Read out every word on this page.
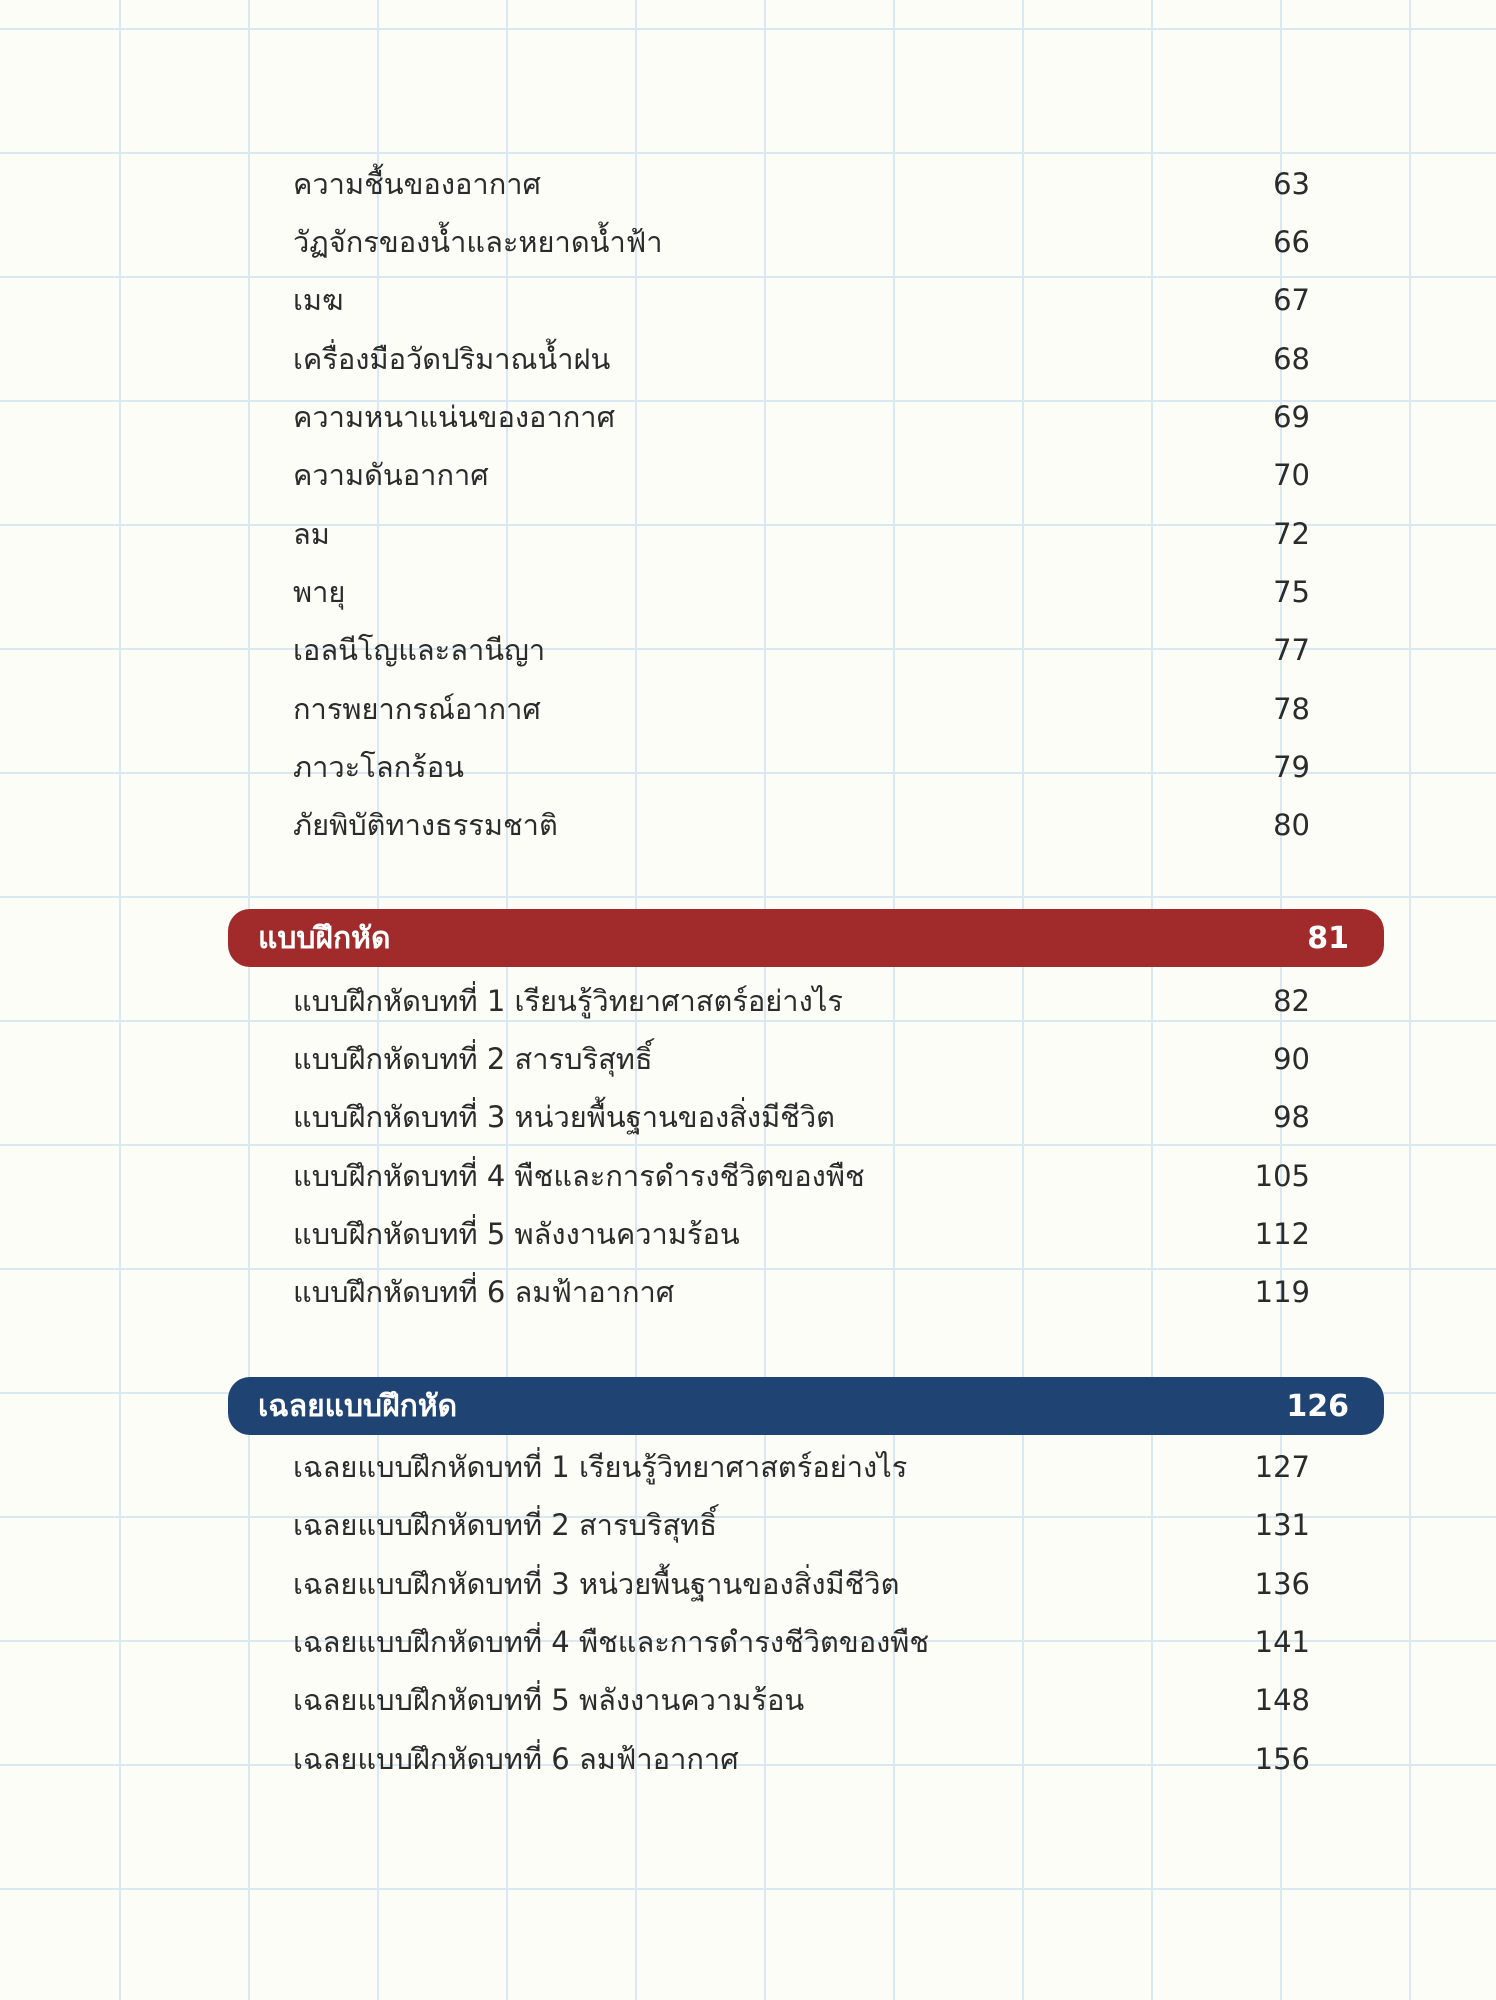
ความชื้นของอากาศ	63
วัฏจักรของน้ำและหยาดน้ำฟ้า	66
เมฆ	67
เครื่องมือวัดปริมาณน้ำฝน	68
ความหนาแน่นของอากาศ	69
ความดันอากาศ	70
ลม	72
พายุ	75
เอลนีโญและลานีญา	77
การพยากรณ์อากาศ	78
ภาวะโลกร้อน	79
ภัยพิบัติทางธรรมชาติ	80
แบบฝึกหัด	81
แบบฝึกหัดบทที่ 1 เรียนรู้วิทยาศาสตร์อย่างไร	82
แบบฝึกหัดบทที่ 2 สารบริสุทธิ์	90
แบบฝึกหัดบทที่ 3 หน่วยพื้นฐานของสิ่งมีชีวิต	98
แบบฝึกหัดบทที่ 4 พืชและการดำรงชีวิตของพืช	105
แบบฝึกหัดบทที่ 5 พลังงานความร้อน	112
แบบฝึกหัดบทที่ 6 ลมฟ้าอากาศ	119
เฉลยแบบฝึกหัด	126
เฉลยแบบฝึกหัดบทที่ 1 เรียนรู้วิทยาศาสตร์อย่างไร	127
เฉลยแบบฝึกหัดบทที่ 2 สารบริสุทธิ์	131
เฉลยแบบฝึกหัดบทที่ 3 หน่วยพื้นฐานของสิ่งมีชีวิต	136
เฉลยแบบฝึกหัดบทที่ 4 พืชและการดำรงชีวิตของพืช	141
เฉลยแบบฝึกหัดบทที่ 5 พลังงานความร้อน	148
เฉลยแบบฝึกหัดบทที่ 6 ลมฟ้าอากาศ	156
